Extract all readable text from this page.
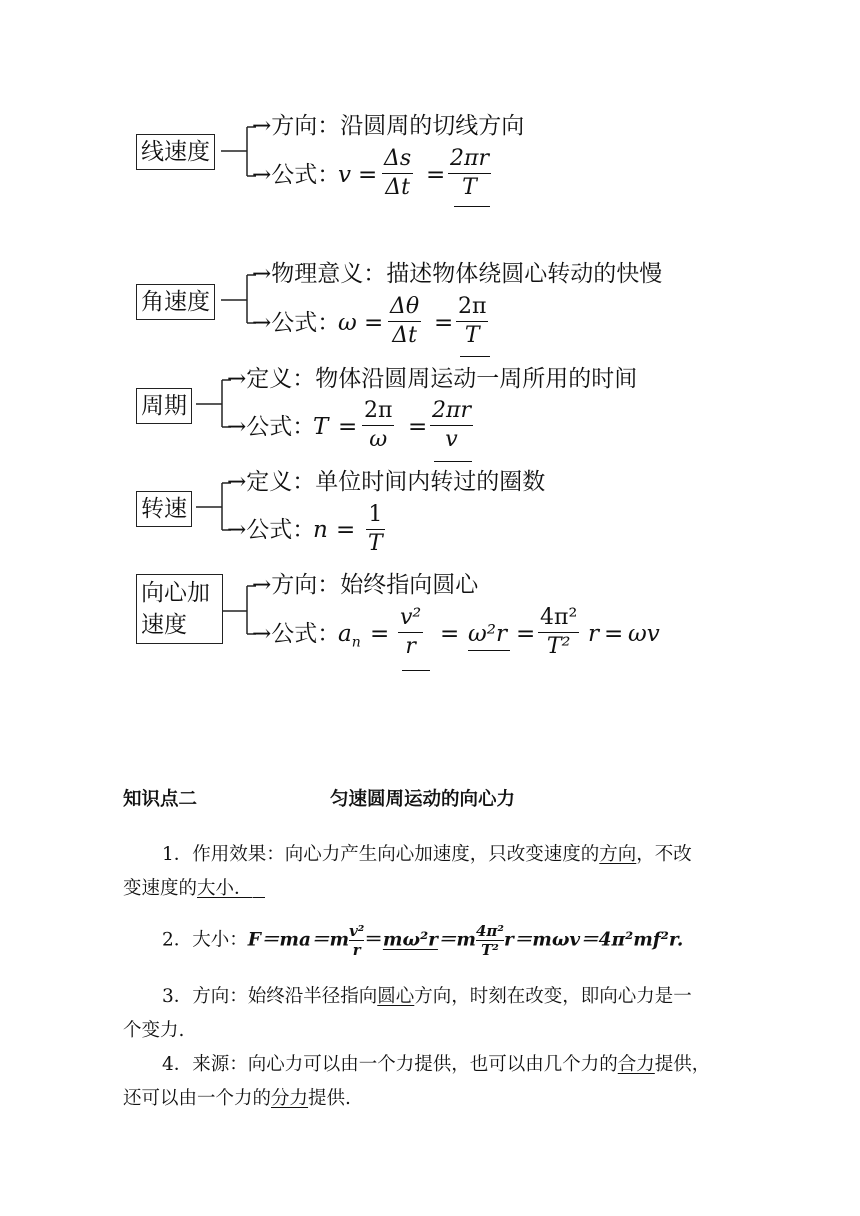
线速度
→方向：沿圆周的切线方向
→公式：
v =
Δs
Δt =
2πr
T
角速度
→物理意义：描述物体绕圆心转动的快慢
→公式：
ω =
Δθ
Δt =
2π
T
周期
→定义：物体沿圆周运动一周所用的时间
→公式：
T =
2π
ω =
2πr
v
转速
→定义：单位时间内转过的圈数
→公式：
n =
1
T
向心加
速度
→方向：始终指向圆心
→公式：
$a_n$ =
v²
r	= ω²r =
4π²
T² r = ωv
知识点二	匀速圆周运动的向心力
1．作用效果：向心力产生向心加速度，只改变速度的方向，不改
变速度的大小．
2．大小：$F=ma=m\frac{\text{v²}}{r}=m\omega^2r=m\frac{\text{4π²}}{\text{T²}}r=m\omega v=4\pi^2mf^2r$.
3．方向：始终沿半径指向圆心方向，时刻在改变，即向心力是一
个变力.
4．来源：向心力可以由一个力提供，也可以由几个力的合力提供，
还可以由一个力的分力提供.
